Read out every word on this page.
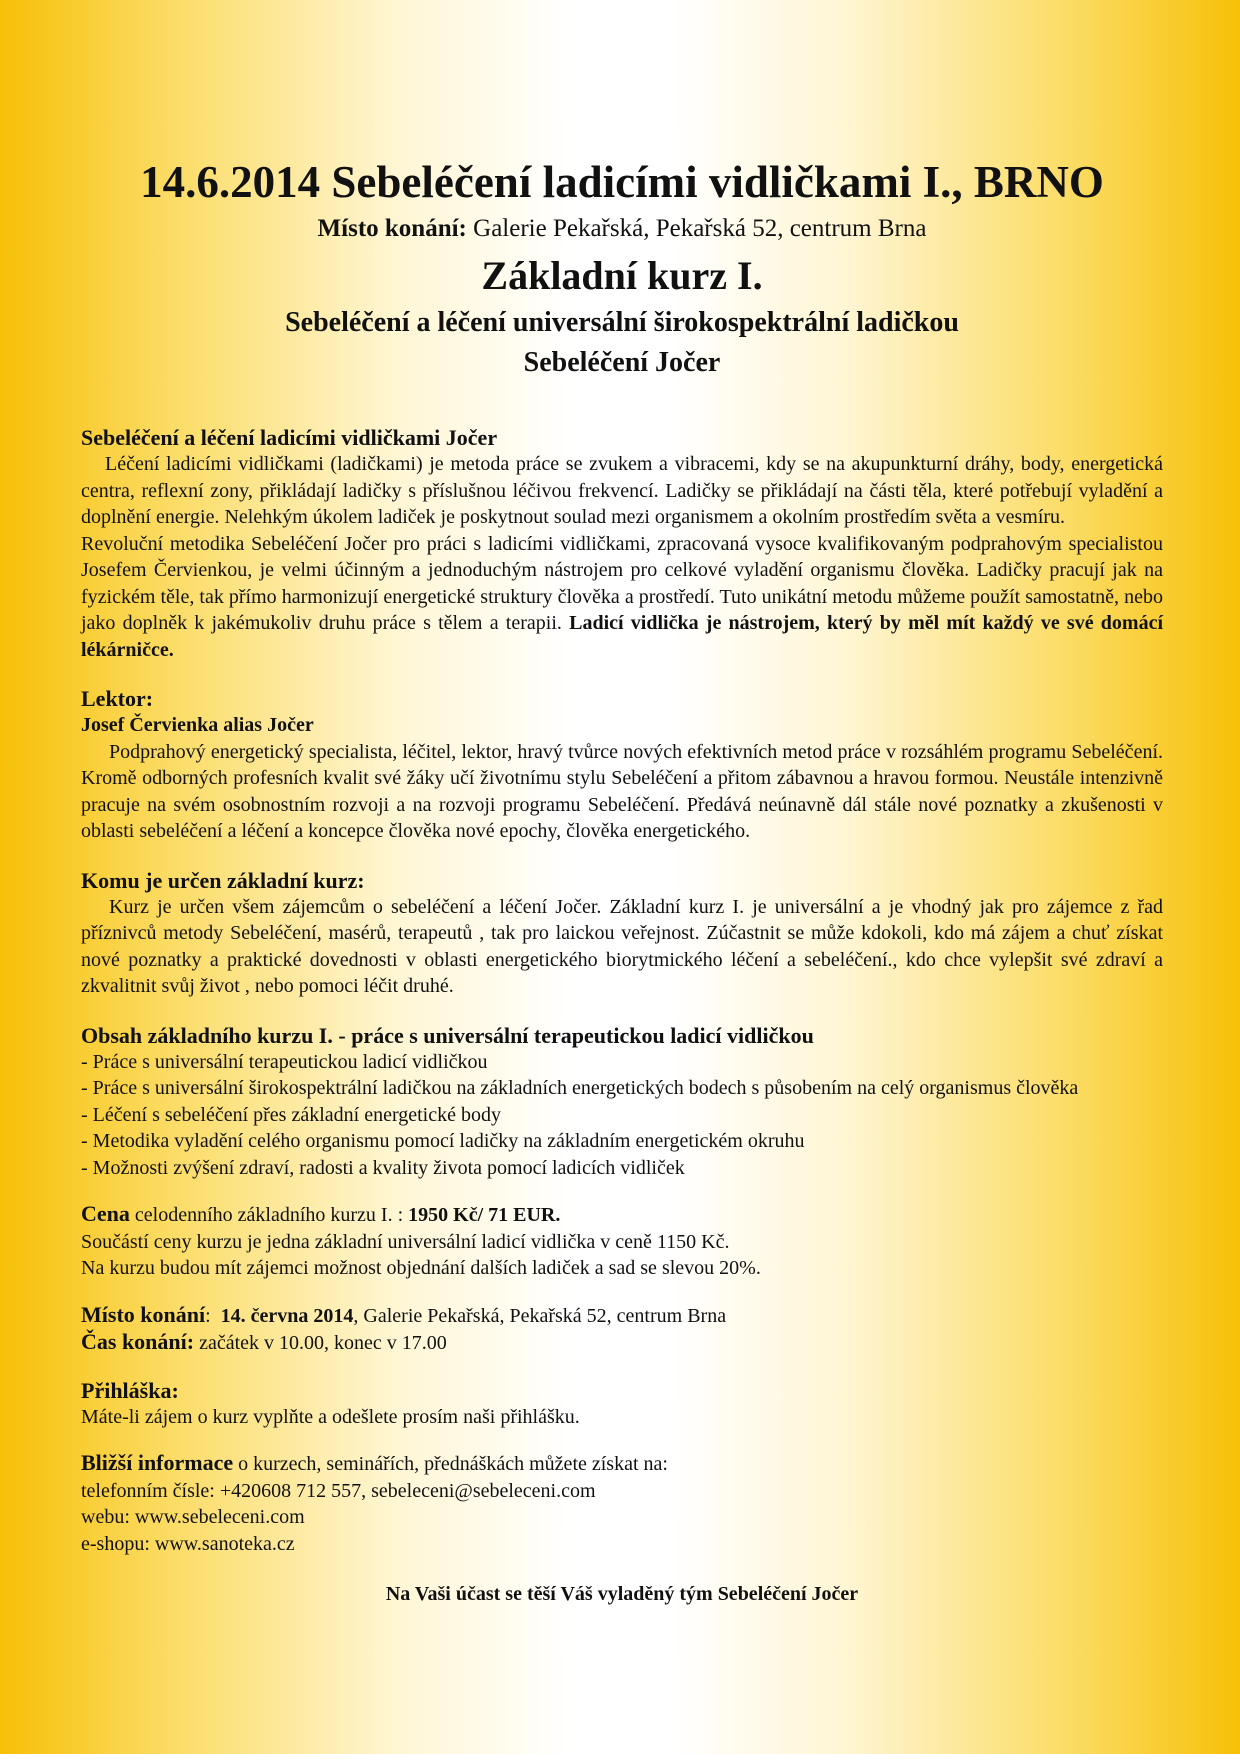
14.6.2014 Sebeléčení ladicími vidličkami I., BRNO
Místo konání: Galerie Pekařská, Pekařská 52, centrum Brna
Základní kurz I.
Sebeléčení a léčení universální širokospektrální ladičkou
Sebeléčení Jočer
Sebeléčení a léčení ladicími vidličkami Jočer

Léčení ladicími vidličkami (ladičkami) je metoda práce se zvukem a vibracemi, kdy se na akupunkturní dráhy, body, energetická centra, reflexní zony, přikládají ladičky s příslušnou léčivou frekvencí. Ladičky se přikládají na části těla, které potřebují vyladění a doplnění energie. Nelehkým úkolem ladiček je poskytnout soulad mezi organismem a okolním prostředím světa a vesmíru.

Revoluční metodika Sebeléčení Jočer pro práci s ladicími vidličkami, zpracovaná vysoce kvalifikovaným podprahovým specialistou Josefem Červienkou, je velmi účinným a jednoduchým nástrojem pro celkové vyladění organismu člověka. Ladičky pracují jak na fyzickém těle, tak přímo harmonizují energetické struktury člověka a prostředí. Tuto unikátní metodu můžeme použít samostatně, nebo jako doplněk k jakémukoliv druhu práce s tělem a terapii. Ladicí vidlička je nástrojem, který by měl mít každý ve své domácí lékárničce.

Lektor:

Josef Červienka alias Jočer

Podprahový energetický specialista, léčitel, lektor, hravý tvůrce nových efektivních metod práce v rozsáhlém programu Sebeléčení. Kromě odborných profesních kvalit své žáky učí životnímu stylu Sebeléčení a přitom zábavnou a hravou formou. Neustále intenzivně pracuje na svém osobnostním rozvoji a na rozvoji programu Sebeléčení. Předává neúnavně dál stále nové poznatky a zkušenosti v oblasti sebeléčení a léčení a koncepce člověka nové epochy, člověka energetického.

Komu je určen základní kurz:

Kurz je určen všem zájemcům o sebeléčení a léčení Jočer. Základní kurz I. je universální a je vhodný jak pro zájemce z řad příznivců metody Sebeléčení, masérů, terapeutů , tak pro laickou veřejnost. Zúčastnit se může kdokoli, kdo má zájem a chuť získat nové poznatky a praktické dovednosti v oblasti energetického biorytmického léčení a sebeléčení., kdo chce vylepšit své zdraví a zkvalitnit svůj život , nebo pomoci léčit druhé.

Obsah základního kurzu I. - práce s universální terapeutickou ladicí vidličkou
- Práce s universální terapeutickou ladicí vidličkou
- Práce s universální širokospektrální ladičkou na základních energetických bodech s působením na celý organismus člověka
- Léčení s sebeléčení přes základní energetické body
- Metodika vyladění celého organismu pomocí ladičky na základním energetickém okruhu
- Možnosti zvýšení zdraví, radosti a kvality života pomocí ladicích vidliček
Cena celodenního základního kurzu I. : 1950 Kč/ 71 EUR.
Součástí ceny kurzu je jedna základní universální ladicí vidlička v ceně 1150 Kč.
Na kurzu budou mít zájemci možnost objednání dalších ladiček a sad se slevou 20%.
Místo konání:  14. června 2014, Galerie Pekařská, Pekařská 52, centrum Brna
Čas konání: začátek v 10.00, konec v 17.00
Přihláška:
Máte-li zájem o kurz vyplňte a odešlete prosím naši přihlášku.
Bližší informace o kurzech, seminářích, přednáškách můžete získat na:
telefonním čísle: +420608 712 557, sebeleceni@sebeleceni.com
webu: www.sebeleceni.com
e-shopu: www.sanoteka.cz
Na Vaši účast se těší Váš vyladěný tým Sebeléčení Jočer
